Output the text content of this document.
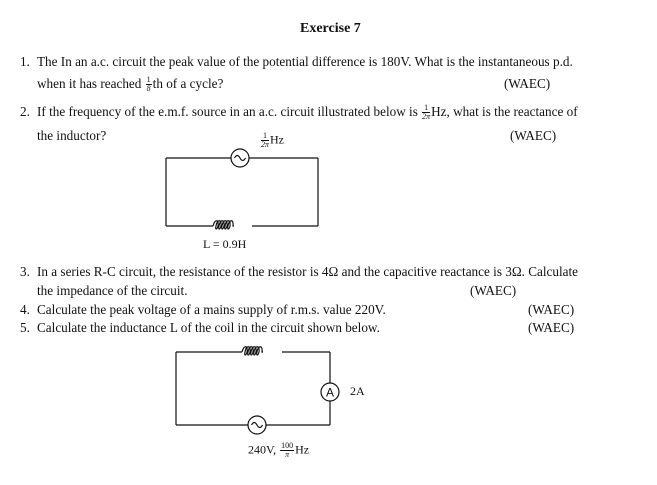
Exercise 7
1. The In an a.c. circuit the peak value of the potential difference is 180V. What is the instantaneous p.d.
when it has reached $\frac{1}{8}$ th of a cycle?	(WAEC)
2. If the frequency of the e.m.f. source in an a.c. circuit illustrated below is $\frac{1}{2\pi} Hz$, what is the reactance of
the inductor?	(WAEC)
$\frac{1}{2\pi}$ Hz
L = 0.9H
3. In a series R-C circuit, the resistance of the resistor is 4Ω and the capacitive reactance is 3Ω. Calculate
the impedance of the circuit.	(WAEC)
4. Calculate the peak voltage of a mains supply of r.m.s. value 220V.	(WAEC)
5. Calculate the inductance L of the coil in the circuit shown below.	(WAEC)
2A
240V, $\frac{100}{\pi}$ Hz
A
